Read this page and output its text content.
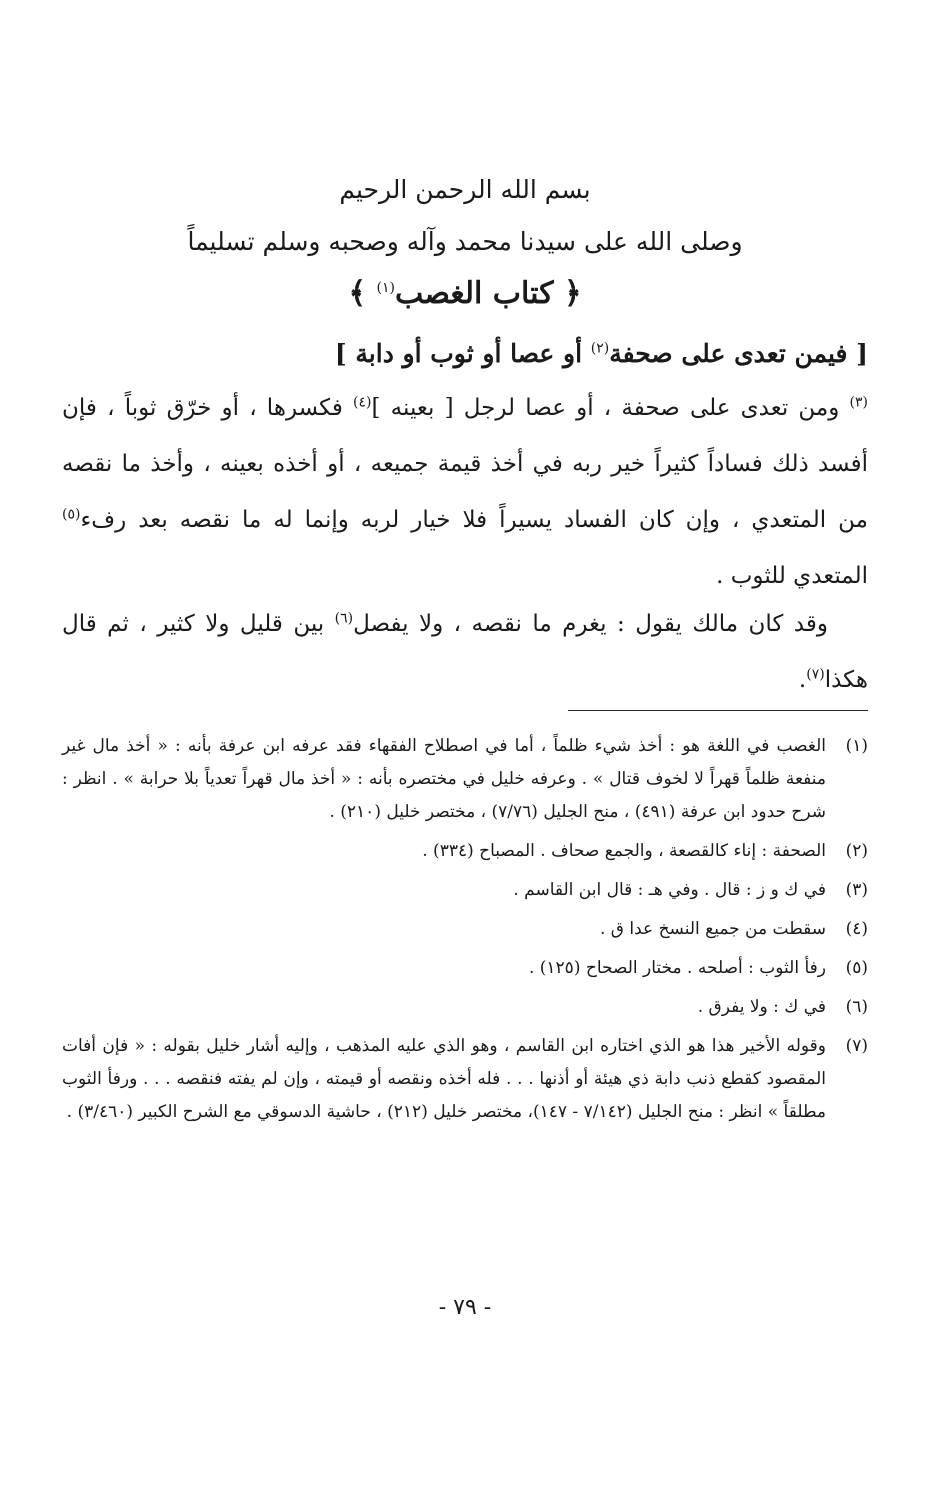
بسم الله الرحمن الرحيم
وصلى الله على سيدنا محمد وآله وصحبه وسلم تسليماً
﴿ كتاب الغصب$^{(١)}$ ﴾
[ فيمن تعدى على صحفة$^{(٢)}$ أو عصا أو ثوب أو دابة ]
$^{(٣)}$ ومن تعدى على صحفة ، أو عصا لرجل [ بعينه ]$^{(٤)}$ فكسرها ، أو خرّق ثوباً ، فإن أفسد ذلك فساداً كثيراً خير ربه في أخذ قيمة جميعه ، أو أخذه بعينه ، وأخذ ما نقصه من المتعدي ، وإن كان الفساد يسيراً فلا خيار لربه وإنما له ما نقصه بعد رفء$^{(٥)}$ المتعدي للثوب .
وقد كان مالك يقول : يغرم ما نقصه ، ولا يفصل$^{(٦)}$ بين قليل ولا كثير ، ثم قال هكذا$^{(٧)}$.
(١)
الغصب في اللغة هو : أخذ شيء ظلماً ، أما في اصطلاح الفقهاء فقد عرفه ابن عرفة بأنه : « أخذ مال غير منفعة ظلماً قهراً لا لخوف قتال » . وعرفه خليل في مختصره بأنه : « أخذ مال قهراً تعدياً بلا حرابة » . انظر : شرح حدود ابن عرفة (٤٩١) ، منح الجليل (٧/٧٦) ، مختصر خليل (٢١٠) .
(٢)
الصحفة : إناء كالقصعة ، والجمع صحاف . المصباح (٣٣٤) .
(٣)
في ك و ز : قال . وفي هـ : قال ابن القاسم .
(٤)
سقطت من جميع النسخ عدا ق .
(٥)
رفأ الثوب : أصلحه . مختار الصحاح (١٢٥) .
(٦)
في ك : ولا يفرق .
(٧)
وقوله الأخير هذا هو الذي اختاره ابن القاسم ، وهو الذي عليه المذهب ، وإليه أشار خليل بقوله : « فإن أفات المقصود كقطع ذنب دابة ذي هيئة أو أذنها . . . فله أخذه ونقصه أو قيمته ، وإن لم يفته فنقصه . . . ورفأ الثوب مطلقاً » انظر : منح الجليل (٧/١٤٢ - ١٤٧)، مختصر خليل (٢١٢) ، حاشية الدسوقي مع الشرح الكبير (٣/٤٦٠) .
- ٧٩ -
